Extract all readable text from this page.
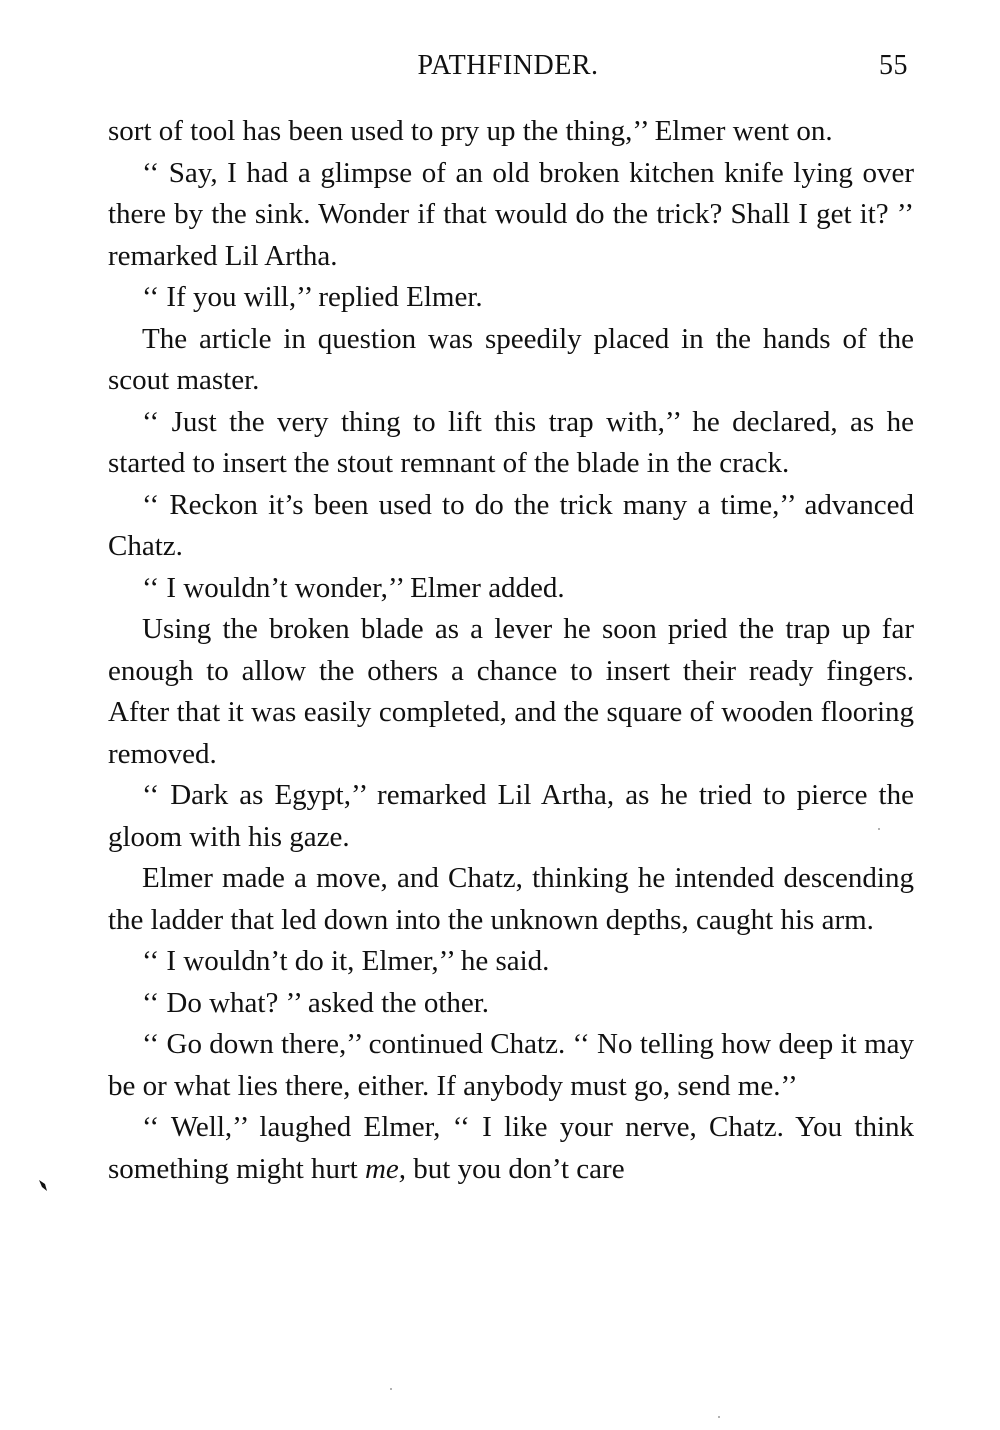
PATHFINDER.	55

sort of tool has been used to pry up the thing,’’ Elmer went on.

‘‘ Say, I had a glimpse of an old broken kitchen knife lying over there by the sink. Wonder if that would do the trick? Shall I get it? ’’ remarked Lil Artha.

‘‘ If you will,’’ replied Elmer.

The article in question was speedily placed in the hands of the scout master.

‘‘ Just the very thing to lift this trap with,’’ he declared, as he started to insert the stout remnant of the blade in the crack.

‘‘ Reckon it’s been used to do the trick many a time,’’ advanced Chatz.

‘‘ I wouldn’t wonder,’’ Elmer added.

Using the broken blade as a lever he soon pried the trap up far enough to allow the others a chance to insert their ready fingers. After that it was easily completed, and the square of wooden flooring removed.

‘‘ Dark as Egypt,’’ remarked Lil Artha, as he tried to pierce the gloom with his gaze.

Elmer made a move, and Chatz, thinking he intended descending the ladder that led down into the unknown depths, caught his arm.

‘‘ I wouldn’t do it, Elmer,’’ he said.

‘‘ Do what? ’’ asked the other.

‘‘ Go down there,’’ continued Chatz. ‘‘ No telling how deep it may be or what lies there, either. If anybody must go, send me.’’

‘‘ Well,’’ laughed Elmer, ‘‘ I like your nerve, Chatz. You think something might hurt me, but you don’t care
